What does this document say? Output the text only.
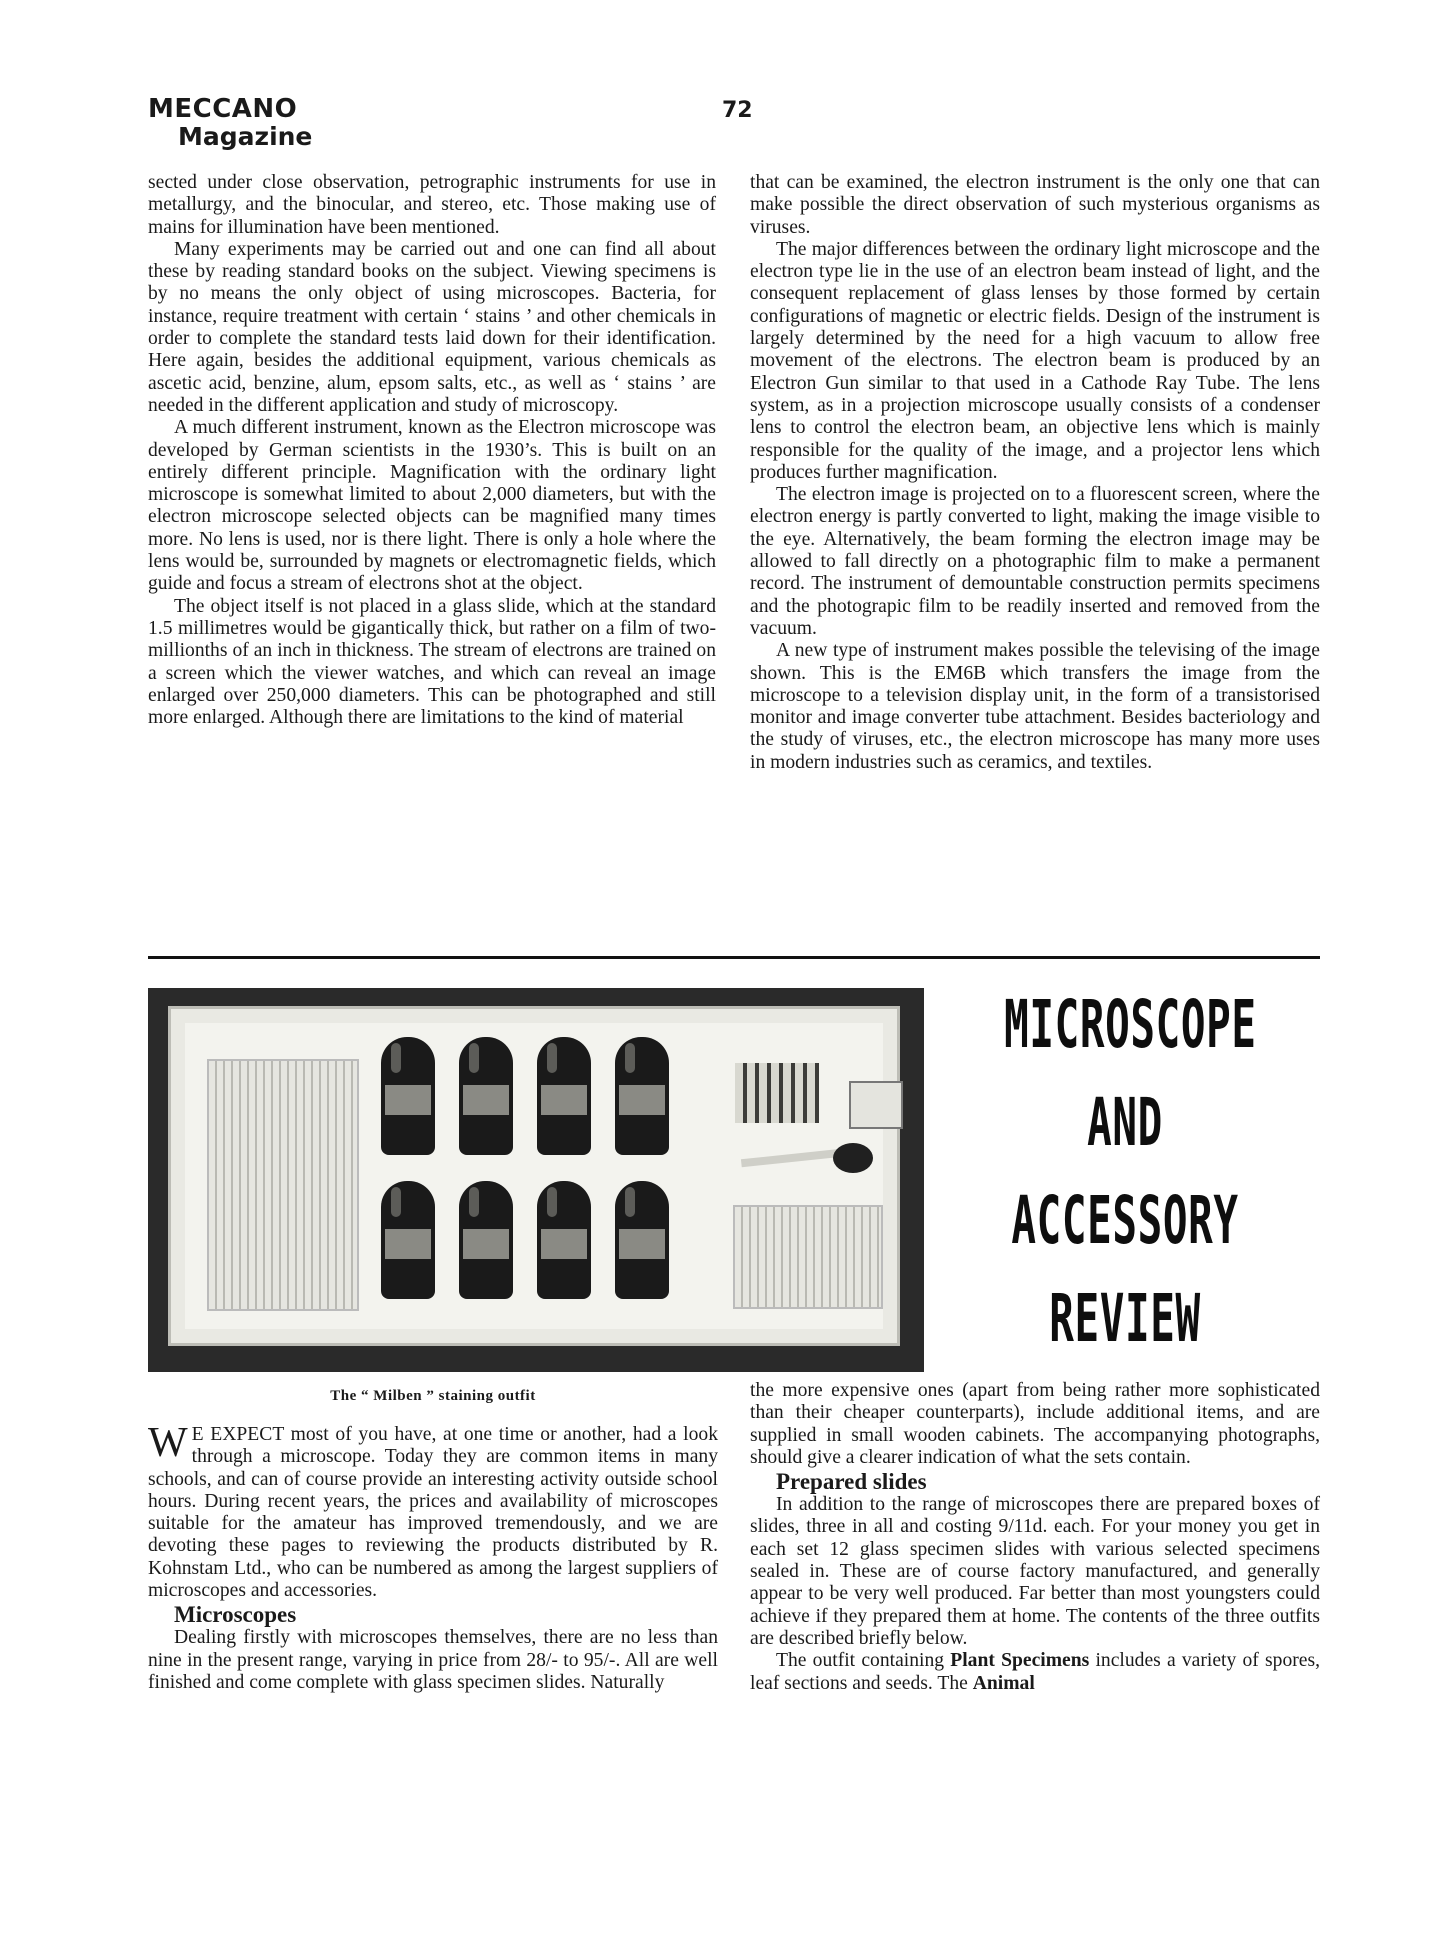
MECCANO
Magazine
72

sected under close observation, petrographic instruments for use in metallurgy, and the binocular, and stereo, etc. Those making use of mains for illumination have been mentioned.

Many experiments may be carried out and one can find all about these by reading standard books on the subject. Viewing specimens is by no means the only object of using microscopes. Bacteria, for instance, require treatment with certain ‘ stains ’ and other chemicals in order to complete the standard tests laid down for their identification. Here again, besides the additional equipment, various chemicals as ascetic acid, benzine, alum, epsom salts, etc., as well as ‘ stains ’ are needed in the different application and study of microscopy.

A much different instrument, known as the Electron microscope was developed by German scientists in the 1930’s. This is built on an entirely different principle. Magnification with the ordinary light microscope is somewhat limited to about 2,000 diameters, but with the electron microscope selected objects can be magnified many times more. No lens is used, nor is there light. There is only a hole where the lens would be, surrounded by magnets or electromagnetic fields, which guide and focus a stream of electrons shot at the object.

The object itself is not placed in a glass slide, which at the standard 1.5 millimetres would be gigantically thick, but rather on a film of two-millionths of an inch in thickness. The stream of electrons are trained on a screen which the viewer watches, and which can reveal an image enlarged over 250,000 diameters. This can be photographed and still more enlarged. Although there are limitations to the kind of material

that can be examined, the electron instrument is the only one that can make possible the direct observation of such mysterious organisms as viruses.

The major differences between the ordinary light microscope and the electron type lie in the use of an electron beam instead of light, and the consequent replacement of glass lenses by those formed by certain configurations of magnetic or electric fields. Design of the instrument is largely determined by the need for a high vacuum to allow free movement of the electrons. The electron beam is produced by an Electron Gun similar to that used in a Cathode Ray Tube. The lens system, as in a projection microscope usually consists of a condenser lens to control the electron beam, an objective lens which is mainly responsible for the quality of the image, and a projector lens which produces further magnification.

The electron image is projected on to a fluorescent screen, where the electron energy is partly converted to light, making the image visible to the eye. Alternatively, the beam forming the electron image may be allowed to fall directly on a photographic film to make a permanent record. The instrument of demountable construction permits specimens and the photograpic film to be readily inserted and removed from the vacuum.

A new type of instrument makes possible the televising of the image shown. This is the EM6B which transfers the image from the microscope to a television display unit, in the form of a transistorised monitor and image converter tube attachment. Besides bacteriology and the study of viruses, etc., the electron microscope has many more uses in modern industries such as ceramics, and textiles.

The “ Milben ” staining outfit
MICROSCOPE
AND
ACCESSORY
REVIEW

W E EXPECT most of you have, at one time or another, had a look through a microscope. Today they are common items in many schools, and can of course provide an interesting activity outside school hours. During recent years, the prices and availability of microscopes suitable for the amateur has improved tremendously, and we are devoting these pages to reviewing the products distributed by R. Kohnstam Ltd., who can be numbered as among the largest suppliers of microscopes and accessories.

Microscopes

Dealing firstly with microscopes themselves, there are no less than nine in the present range, varying in price from 28/- to 95/-. All are well finished and come complete with glass specimen slides. Naturally

the more expensive ones (apart from being rather more sophisticated than their cheaper counterparts), include additional items, and are supplied in small wooden cabinets. The accompanying photographs, should give a clearer indication of what the sets contain.

Prepared slides

In addition to the range of microscopes there are prepared boxes of slides, three in all and costing 9/11d. each. For your money you get in each set 12 glass specimen slides with various selected specimens sealed in. These are of course factory manufactured, and generally appear to be very well produced. Far better than most youngsters could achieve if they prepared them at home. The contents of the three outfits are described briefly below.

The outfit containing Plant Specimens includes a variety of spores, leaf sections and seeds. The Animal
